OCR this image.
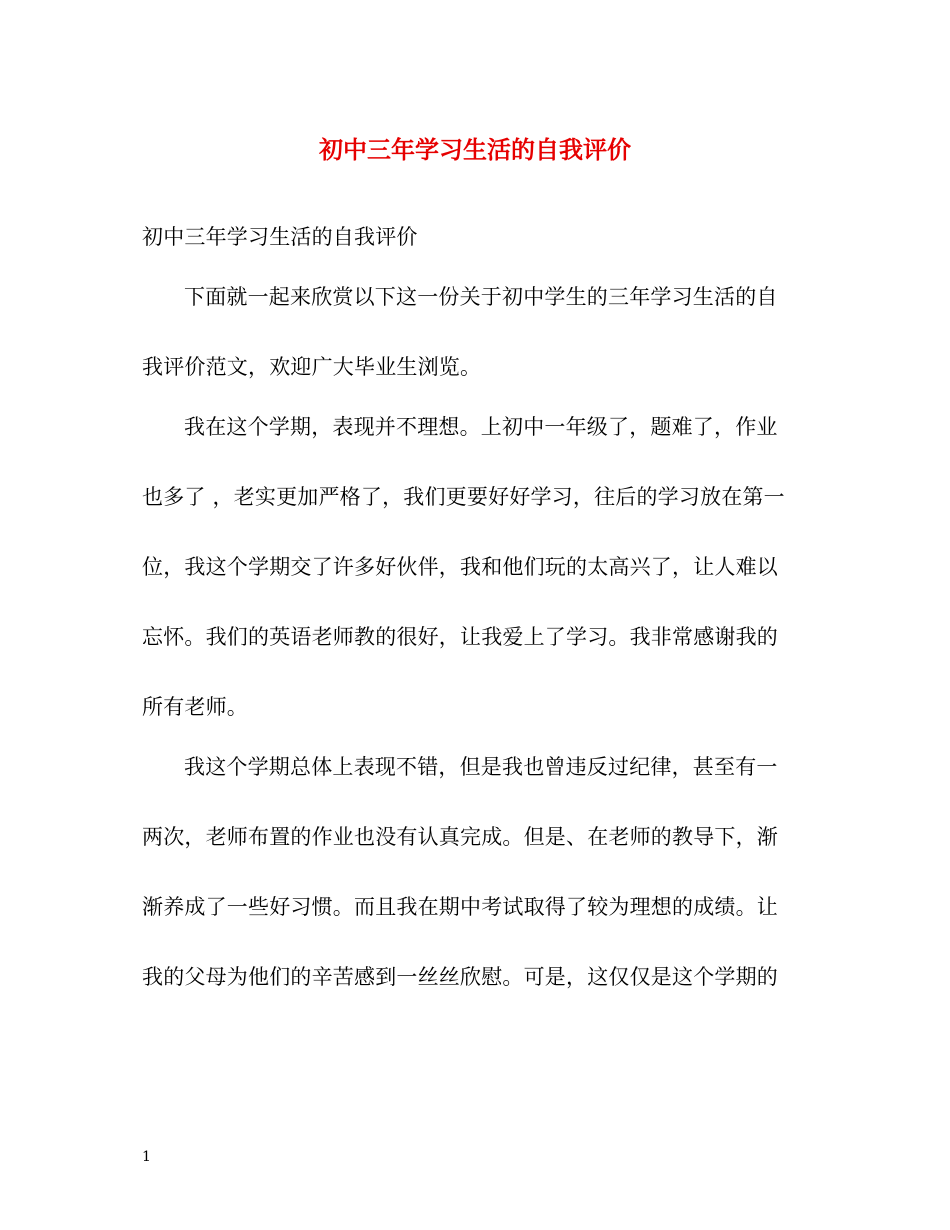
初中三年学习生活的自我评价
初中三年学习生活的自我评价
下面就一起来欣赏以下这一份关于初中学生的三年学习生活的自
我评价范文，欢迎广大毕业生浏览。
我在这个学期，表现并不理想。上初中一年级了，题难了，作业
也多了 ，老实更加严格了，我们更要好好学习，往后的学习放在第一
位，我这个学期交了许多好伙伴，我和他们玩的太高兴了，让人难以
忘怀。我们的英语老师教的很好，让我爱上了学习。我非常感谢我的
所有老师。
我这个学期总体上表现不错，但是我也曾违反过纪律，甚至有一
两次，老师布置的作业也没有认真完成。但是、在老师的教导下，渐
渐养成了一些好习惯。而且我在期中考试取得了较为理想的成绩。让
我的父母为他们的辛苦感到一丝丝欣慰。可是，这仅仅是这个学期的
1
